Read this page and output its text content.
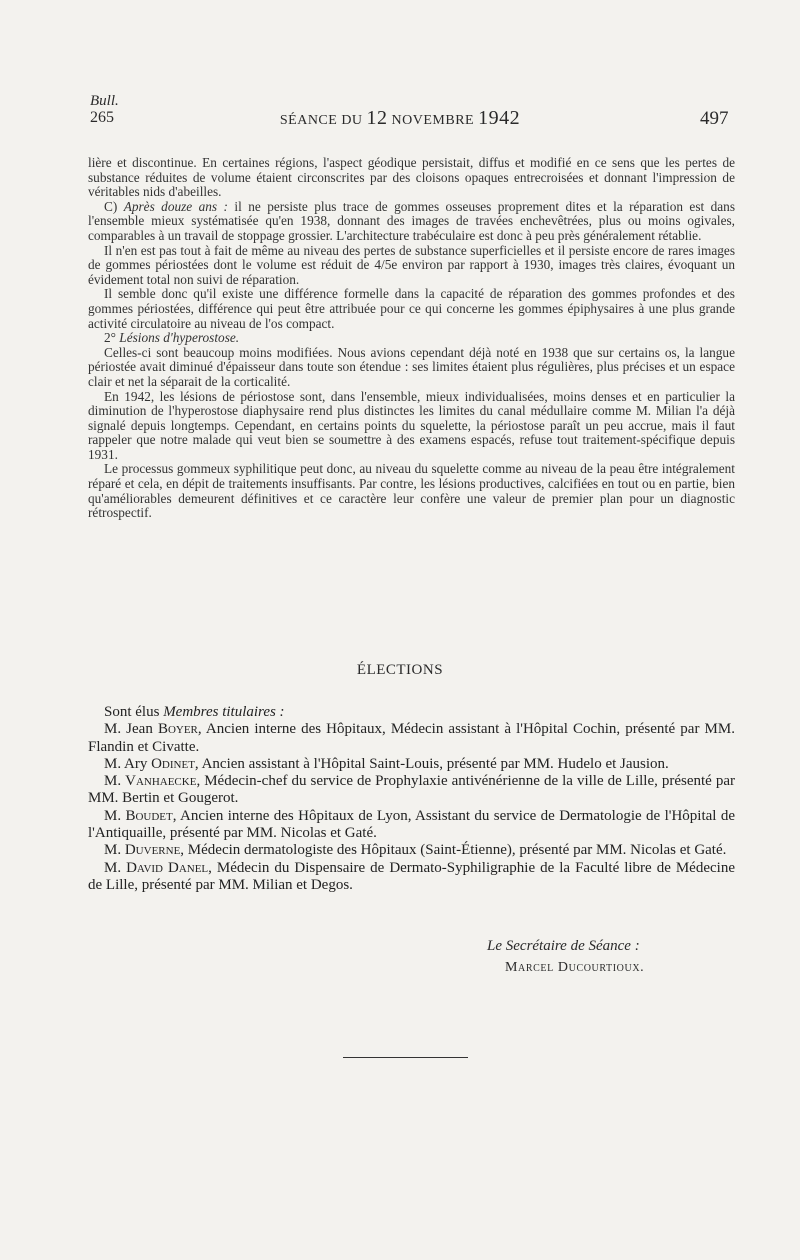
Bull.
265	SÉANCE DU 12 NOVEMBRE 1942	497

lière et discontinue. En certaines régions, l'aspect géodique persistait, diffus et modifié en ce sens que les pertes de substance réduites de volume étaient circonscrites par des cloisons opaques entrecroisées et donnant l'impression de véritables nids d'abeilles.

C) Après douze ans : il ne persiste plus trace de gommes osseuses proprement dites et la réparation est dans l'ensemble mieux systématisée qu'en 1938, donnant des images de travées enchevêtrées, plus ou moins ogivales, comparables à un travail de stoppage grossier. L'architecture trabéculaire est donc à peu près généralement rétablie.

Il n'en est pas tout à fait de même au niveau des pertes de substance superficielles et il persiste encore de rares images de gommes périostées dont le volume est réduit de 4/5e environ par rapport à 1930, images très claires, évoquant un évidement total non suivi de réparation.

Il semble donc qu'il existe une différence formelle dans la capacité de réparation des gommes profondes et des gommes périostées, différence qui peut être attribuée pour ce qui concerne les gommes épiphysaires à une plus grande activité circulatoire au niveau de l'os compact.

2° Lésions d'hyperostose.

Celles-ci sont beaucoup moins modifiées. Nous avions cependant déjà noté en 1938 que sur certains os, la langue périostée avait diminué d'épaisseur dans toute son étendue : ses limites étaient plus régulières, plus précises et un espace clair et net la séparait de la corticalité.

En 1942, les lésions de périostose sont, dans l'ensemble, mieux individualisées, moins denses et en particulier la diminution de l'hyperostose diaphysaire rend plus distinctes les limites du canal médullaire comme M. Milian l'a déjà signalé depuis longtemps. Cependant, en certains points du squelette, la périostose paraît un peu accrue, mais il faut rappeler que notre malade qui veut bien se soumettre à des examens espacés, refuse tout traitement-spécifique depuis 1931.

Le processus gommeux syphilitique peut donc, au niveau du squelette comme au niveau de la peau être intégralement réparé et cela, en dépit de traitements insuffisants. Par contre, les lésions productives, calcifiées en tout ou en partie, bien qu'améliorables demeurent définitives et ce caractère leur confère une valeur de premier plan pour un diagnostic rétrospectif.

ÉLECTIONS

Sont élus Membres titulaires :

M. Jean Boyer, Ancien interne des Hôpitaux, Médecin assistant à l'Hôpital Cochin, présenté par MM. Flandin et Civatte.

M. Ary Odinet, Ancien assistant à l'Hôpital Saint-Louis, présenté par MM. Hudelo et Jausion.

M. Vanhaecke, Médecin-chef du service de Prophylaxie antivénérienne de la ville de Lille, présenté par MM. Bertin et Gougerot.

M. Boudet, Ancien interne des Hôpitaux de Lyon, Assistant du service de Dermatologie de l'Hôpital de l'Antiquaille, présenté par MM. Nicolas et Gaté.

M. Duverne, Médecin dermatologiste des Hôpitaux (Saint-Étienne), présenté par MM. Nicolas et Gaté.

M. David Danel, Médecin du Dispensaire de Dermato-Syphiligraphie de la Faculté libre de Médecine de Lille, présenté par MM. Milian et Degos.

Le Secrétaire de Séance :
Marcel Ducourtioux.
